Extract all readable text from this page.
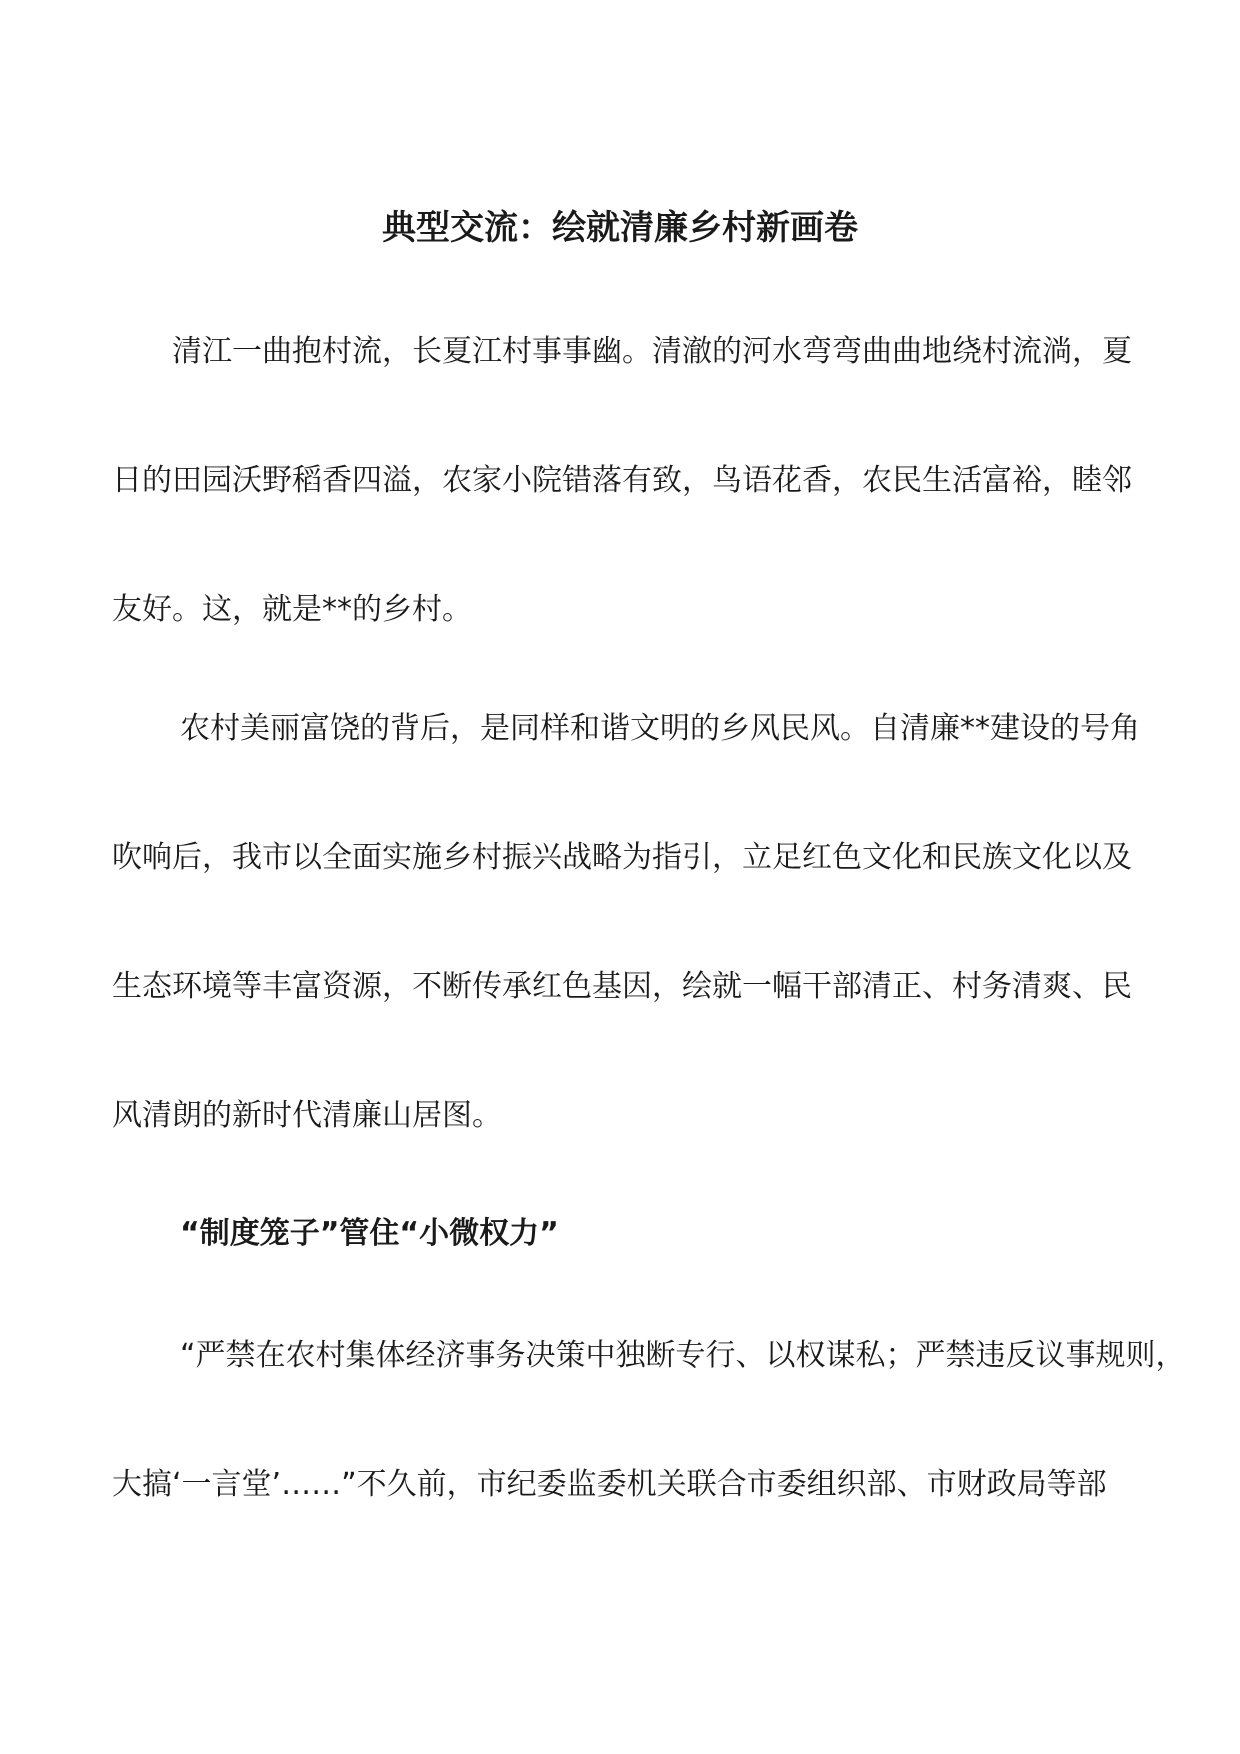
典型交流：绘就清廉乡村新画卷
清江一曲抱村流，长夏江村事事幽。清澈的河水弯弯曲曲地绕村流淌，夏
日的田园沃野稻香四溢，农家小院错落有致，鸟语花香，农民生活富裕，睦邻
友好。这，就是**的乡村。
农村美丽富饶的背后，是同样和谐文明的乡风民风。自清廉**建设的号角
吹响后，我市以全面实施乡村振兴战略为指引，立足红色文化和民族文化以及
生态环境等丰富资源，不断传承红色基因，绘就一幅干部清正、村务清爽、民
风清朗的新时代清廉山居图。
“制度笼子”管住“小微权力”
“严禁在农村集体经济事务决策中独断专行、以权谋私；严禁违反议事规则，
大搞‘一言堂’……”不久前，市纪委监委机关联合市委组织部、市财政局等部
